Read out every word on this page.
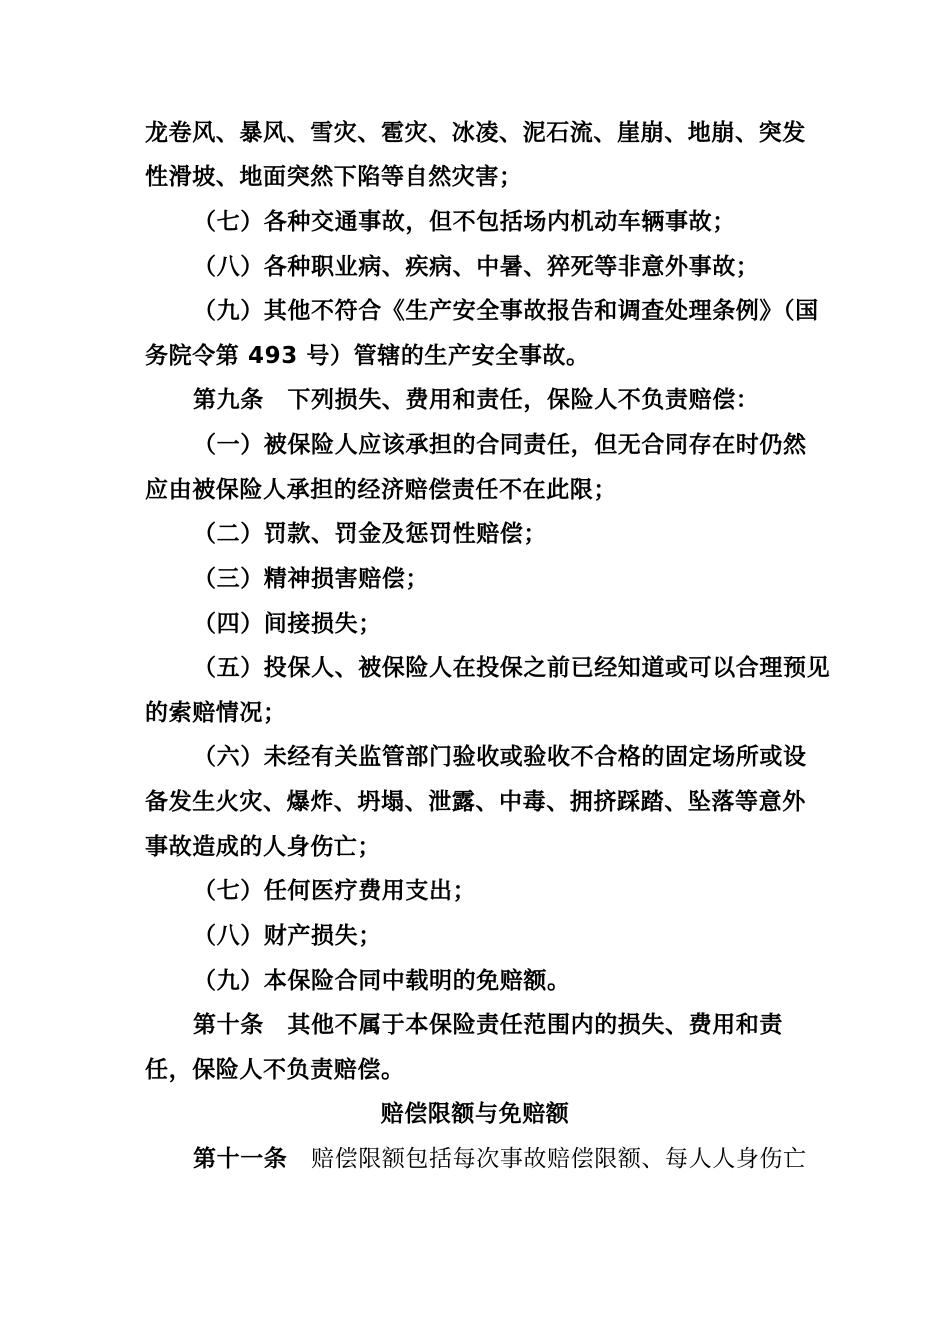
龙卷风、暴风、雪灾、雹灾、冰凌、泥石流、崖崩、地崩、突发
性滑坡、地面突然下陷等自然灾害；
（七）各种交通事故，但不包括场内机动车辆事故；
（八）各种职业病、疾病、中暑、猝死等非意外事故；
（九）其他不符合《生产安全事故报告和调查处理条例》（国
务院令第 493 号）管辖的生产安全事故。
第九条　下列损失、费用和责任，保险人不负责赔偿：
（一）被保险人应该承担的合同责任，但无合同存在时仍然
应由被保险人承担的经济赔偿责任不在此限；
（二）罚款、罚金及惩罚性赔偿；
（三）精神损害赔偿；
（四）间接损失；
（五）投保人、被保险人在投保之前已经知道或可以合理预见
的索赔情况；
（六）未经有关监管部门验收或验收不合格的固定场所或设
备发生火灾、爆炸、坍塌、泄露、中毒、拥挤踩踏、坠落等意外
事故造成的人身伤亡；
（七）任何医疗费用支出；
（八）财产损失；
（九）本保险合同中载明的免赔额。
第十条　其他不属于本保险责任范围内的损失、费用和责
任，保险人不负责赔偿。
赔偿限额与免赔额
第十一条　 赔偿限额包括每次事故赔偿限额、每人人身伤亡
